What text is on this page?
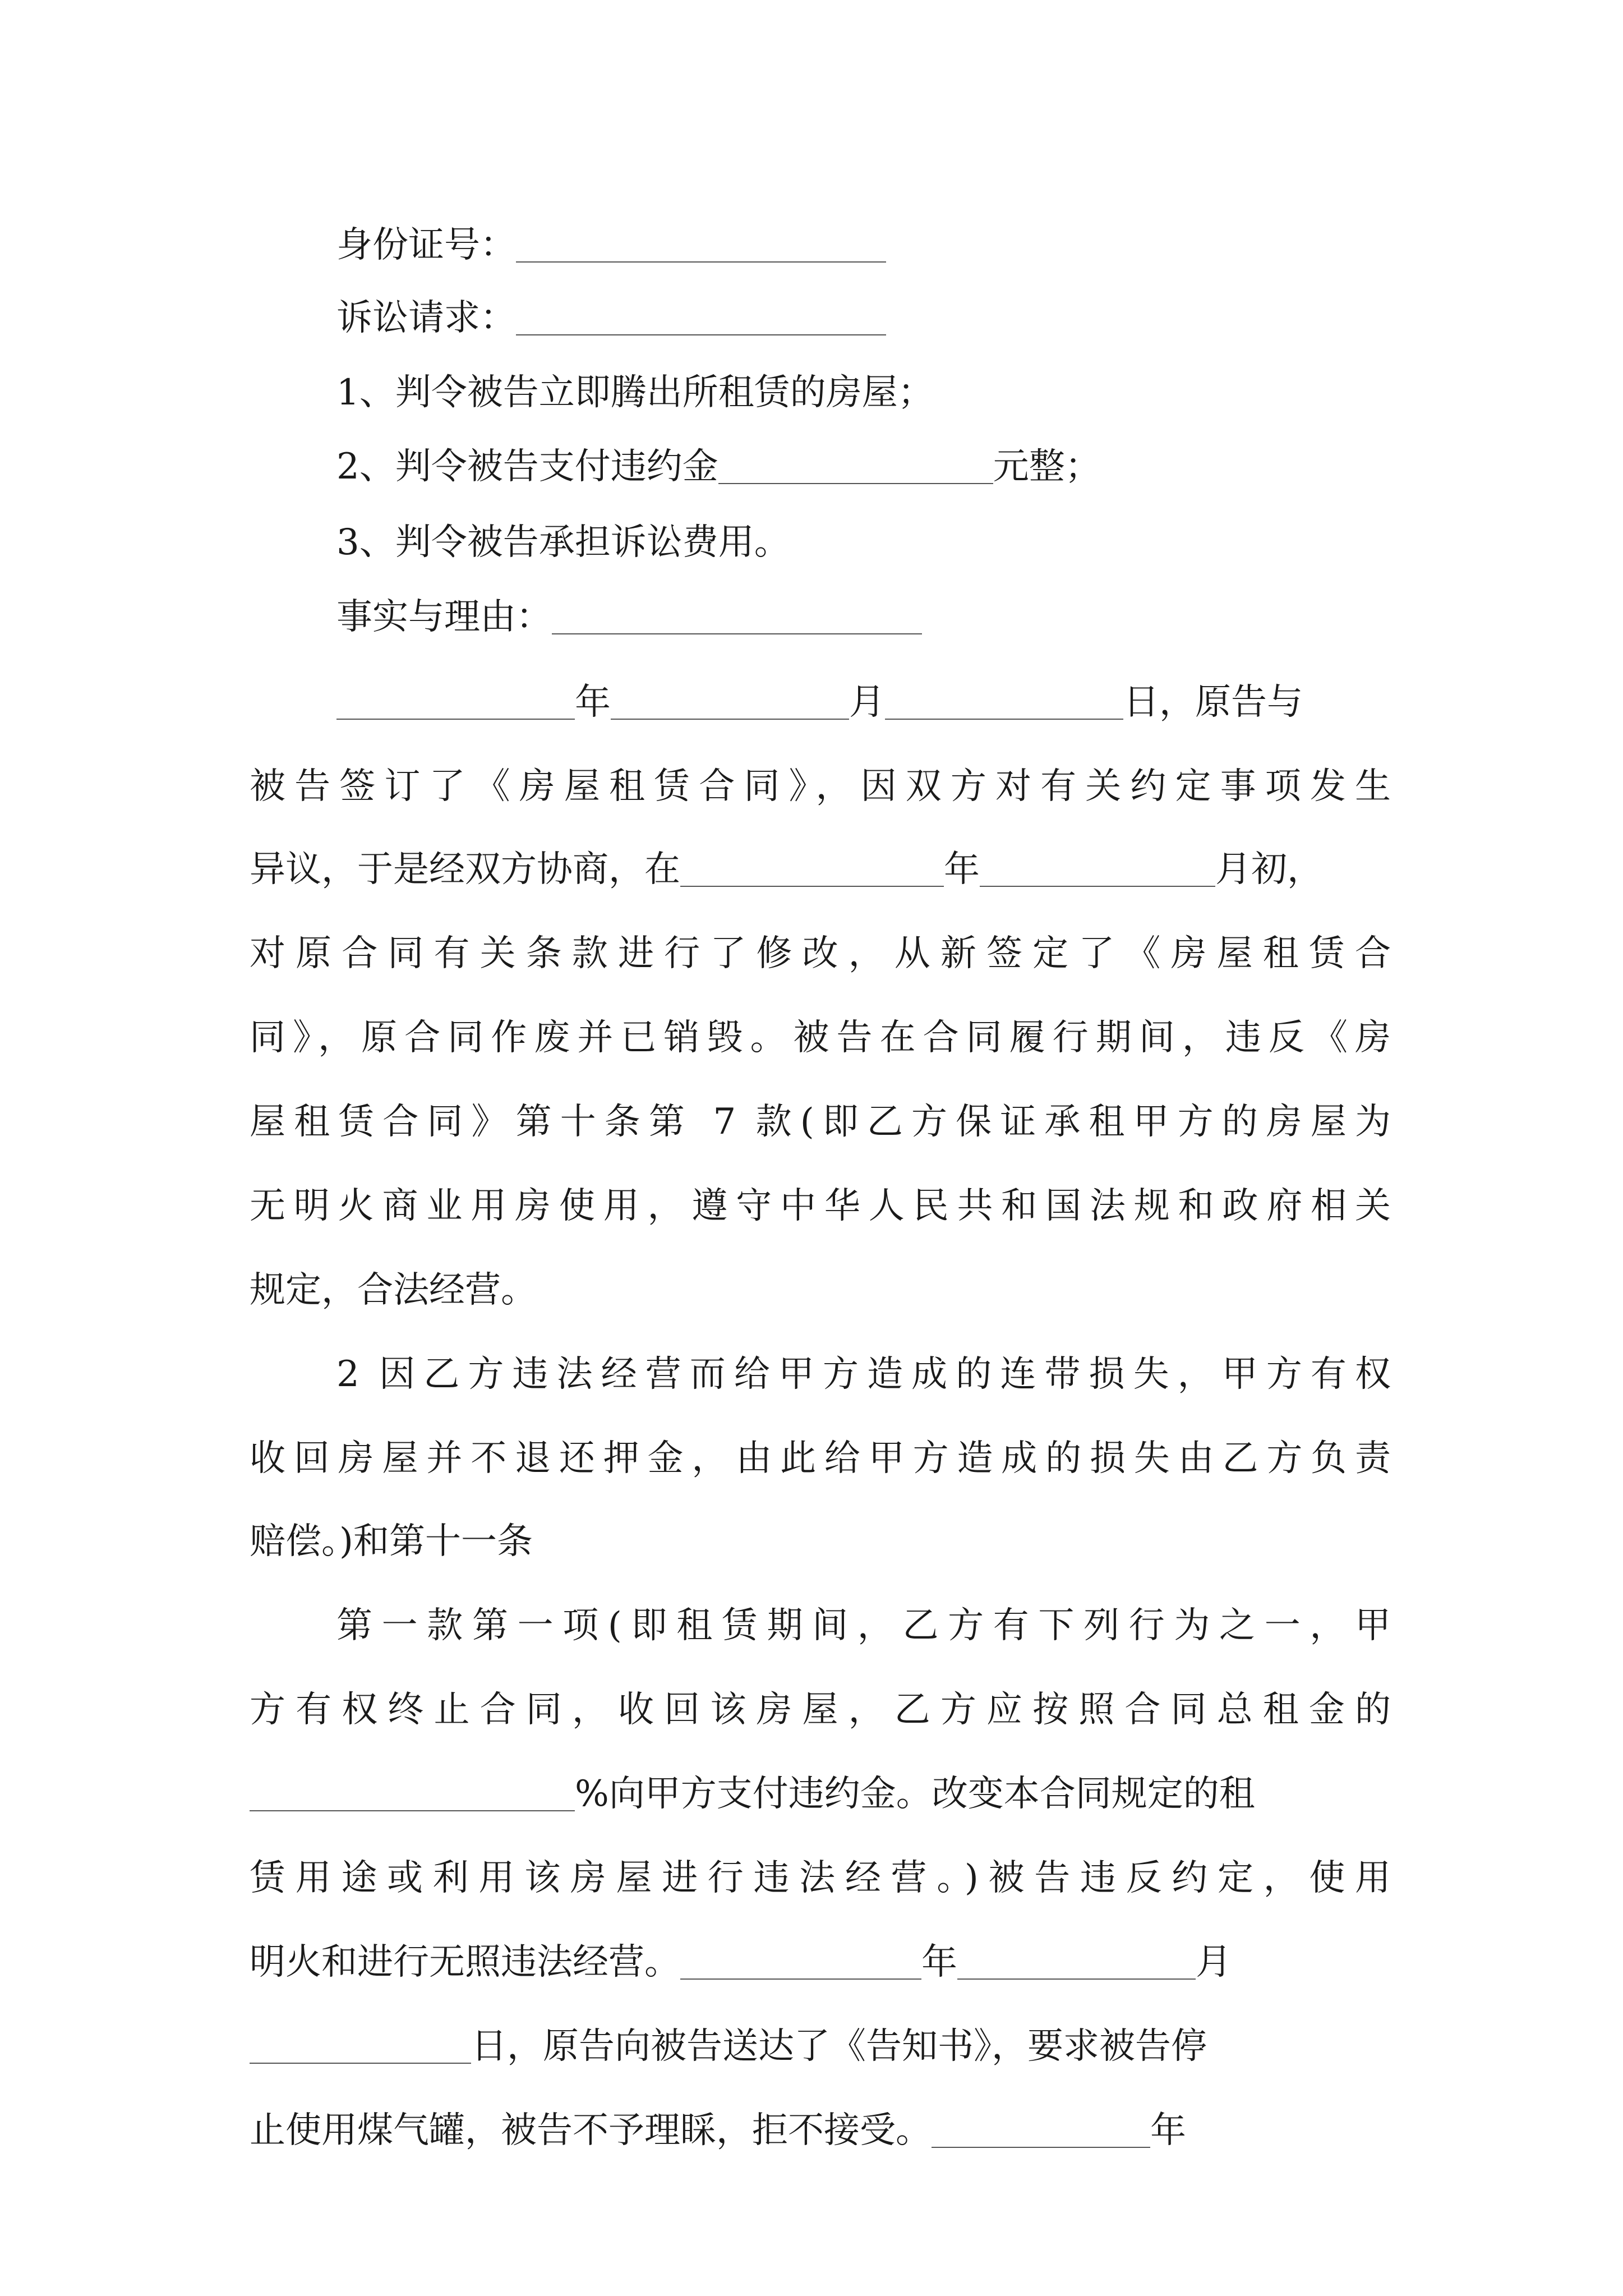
身份证号：
诉讼请求：
1、判令被告立即腾出所租赁的房屋；
2、判令被告支付违约金	元整；
3、判令被告承担诉讼费用。
事实与理由：
年	月	日，原告与
被告签订了《房屋租赁合同》，因双方对有关约定事项发生
异议，于是经双方协商，在	年	月初，
对原合同有关条款进行了修改，从新签定了《房屋租赁合
同》，原合同作废并已销毁。被告在合同履行期间，违反《房
屋租赁合同》第十条第 7 款(即乙方保证承租甲方的房屋为
无明火商业用房使用，遵守中华人民共和国法规和政府相关
规定，合法经营。
2 因乙方违法经营而给甲方造成的连带损失，甲方有权
收回房屋并不退还押金，由此给甲方造成的损失由乙方负责
赔偿。)和第十一条
第一款第一项(即租赁期间，乙方有下列行为之一，甲
方有权终止合同，收回该房屋，乙方应按照合同总租金的
%向甲方支付违约金。改变本合同规定的租
赁用途或利用该房屋进行违法经营。)被告违反约定，使用
明火和进行无照违法经营。	年	月
日，原告向被告送达了《告知书》，要求被告停
止使用煤气罐，被告不予理睬，拒不接受。	年
